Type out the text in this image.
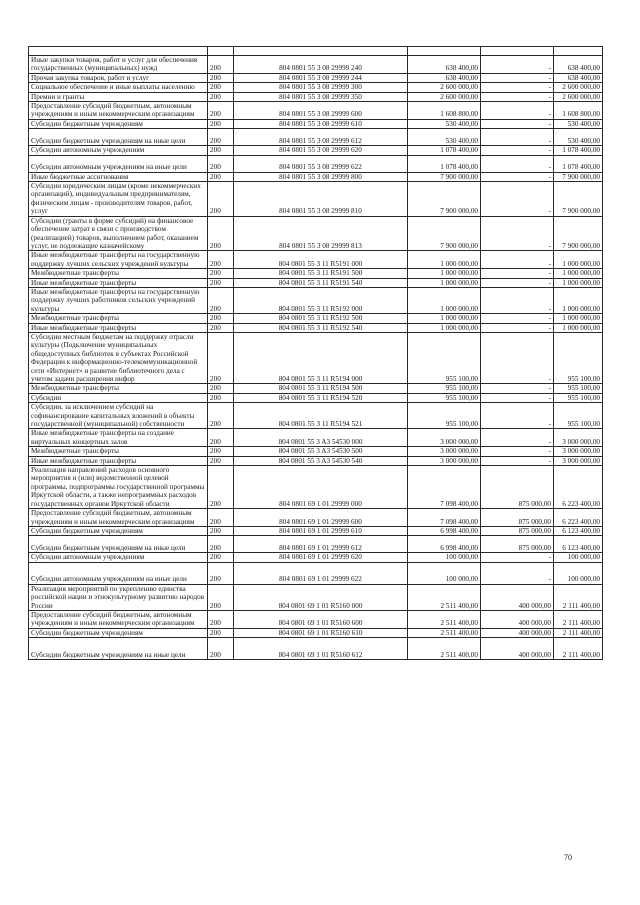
Иные закупки товаров, работ и услуг для обеспечения государственных (муниципальных) нужд	200	804 0801 55 3 08 29999 240	638 400,00	-	638 400,00
Прочая закупка товаров, работ и услуг	200	804 0801 55 3 08 29999 244	638 400,00	-	638 400,00
Социальное обеспечение и иные выплаты населению	200	804 0801 55 3 08 29999 300	2 600 000,00	-	2 600 000,00
Премии и гранты	200	804 0801 55 3 08 29999 350	2 600 000,00	-	2 600 000,00
Предоставление субсидий бюджетным, автономным учреждениям и иным некоммерческим организациям	200	804 0801 55 3 08 29999 600	1 608 800,00	-	1 608 800,00
Субсидии бюджетным учреждениям	200	804 0801 55 3 08 29999 610	530 400,00	-	530 400,00
Субсидии бюджетным учреждениям на иные цели	200	804 0801 55 3 08 29999 612	530 400,00	-	530 400,00
Субсидии автономным учреждениям	200	804 0801 55 3 08 29999 620	1 078 400,00	-	1 078 400,00
Субсидии автономным учреждениям на иные цели	200	804 0801 55 3 08 29999 622	1 078 400,00	-	1 078 400,00
Иные бюджетные ассигнования	200	804 0801 55 3 08 29999 800	7 900 000,00	-	7 900 000,00
Субсидии юридическим лицам (кроме некоммерческих организаций), индивидуальным предпринимателям, физическим лицам - производителям товаров, работ, услуг	200	804 0801 55 3 08 29999 810	7 900 000,00	-	7 900 000,00
Субсидии (гранты в форме субсидий) на финансовое обеспечение затрат в связи с производством (реализацией) товаров, выполнением работ, оказанием услуг, не подлежащие казначейскому	200	804 0801 55 3 08 29999 813	7 900 000,00	-	7 900 000,00
Иные межбюджетные трансферты на государственную поддержку лучших сельских учреждений культуры	200	804 0801 55 3 11 R5191 000	1 000 000,00	-	1 000 000,00
Межбюджетные трансферты	200	804 0801 55 3 11 R5191 500	1 000 000,00	-	1 000 000,00
Иные межбюджетные трансферты	200	804 0801 55 3 11 R5191 540	1 000 000,00	-	1 000 000,00
Иные межбюджетные трансферты на государственную поддержку лучших работников сельских учреждений культуры	200	804 0801 55 3 11 R5192 000	1 000 000,00	-	1 000 000,00
Межбюджетные трансферты	200	804 0801 55 3 11 R5192 500	1 000 000,00	-	1 000 000,00
Иные межбюджетные трансферты	200	804 0801 55 3 11 R5192 540	1 000 000,00	-	1 000 000,00
Субсидии местным бюджетам на поддержку отрасли культуры (Подключение муниципальных общедоступных библиотек в субъектах Российской Федерации к информационно-телекоммуникационной сети «Интернет» и развитие библиотечного дела с учетом задачи расширения инфор	200	804 0801 55 3 11 R5194 000	955 100,00	-	955 100,00
Межбюджетные трансферты	200	804 0801 55 3 11 R5194 500	955 100,00	-	955 100,00
Субсидии	200	804 0801 55 3 11 R5194 520	955 100,00	-	955 100,00
Субсидии, за исключением субсидий на софинансирование капитальных вложений в объекты государственной (муниципальной) собственности	200	804 0801 55 3 11 R5194 521	955 100,00	-	955 100,00
Иные межбюджетные трансферты на создание виртуальных концертных залов	200	804 0801 55 3 A3 54530 000	3 000 000,00	-	3 000 000,00
Межбюджетные трансферты	200	804 0801 55 3 A3 54530 500	3 000 000,00	-	3 000 000,00
Иные межбюджетные трансферты	200	804 0801 55 3 A3 54530 540	3 000 000,00	-	3 000 000,00
Реализация направлений расходов основного мероприятия и (или) ведомственной целевой программы, подпрограммы государственной программы Иркутской области, а также непрограммных расходов государственных органов Иркутской области	200	804 0801 69 1 01 29999 000	7 098 400,00	875 000,00	6 223 400,00
Предоставление субсидий бюджетным, автономным учреждениям и иным некоммерческим организациям	200	804 0801 69 1 01 29999 600	7 098 400,00	875 000,00	6 223 400,00
Субсидии бюджетным учреждениям	200	804 0801 69 1 01 29999 610	6 998 400,00	875 000,00	6 123 400,00
Субсидии бюджетным учреждениям на иные цели	200	804 0801 69 1 01 29999 612	6 998 400,00	875 000,00	6 123 400,00
Субсидии автономным учреждениям	200	804 0801 69 1 01 29999 620	100 000,00	-	100 000,00
Субсидии автономным учреждениям на иные цели	200	804 0801 69 1 01 29999 622	100 000,00	-	100 000,00
Реализация мероприятий по укреплению единства российской нации и этнокультурному развитию народов России	200	804 0801 69 1 01 R5160 000	2 511 400,00	400 000,00	2 111 400,00
Предоставление субсидий бюджетным, автономным учреждениям и иным некоммерческим организациям	200	804 0801 69 1 01 R5160 600	2 511 400,00	400 000,00	2 111 400,00
Субсидии бюджетным учреждениям	200	804 0801 69 1 01 R5160 610	2 511 400,00	400 000,00	2 111 400,00
Субсидии бюджетным учреждениям на иные цели	200	804 0801 69 1 01 R5160 612	2 511 400,00	400 000,00	2 111 400,00
70
